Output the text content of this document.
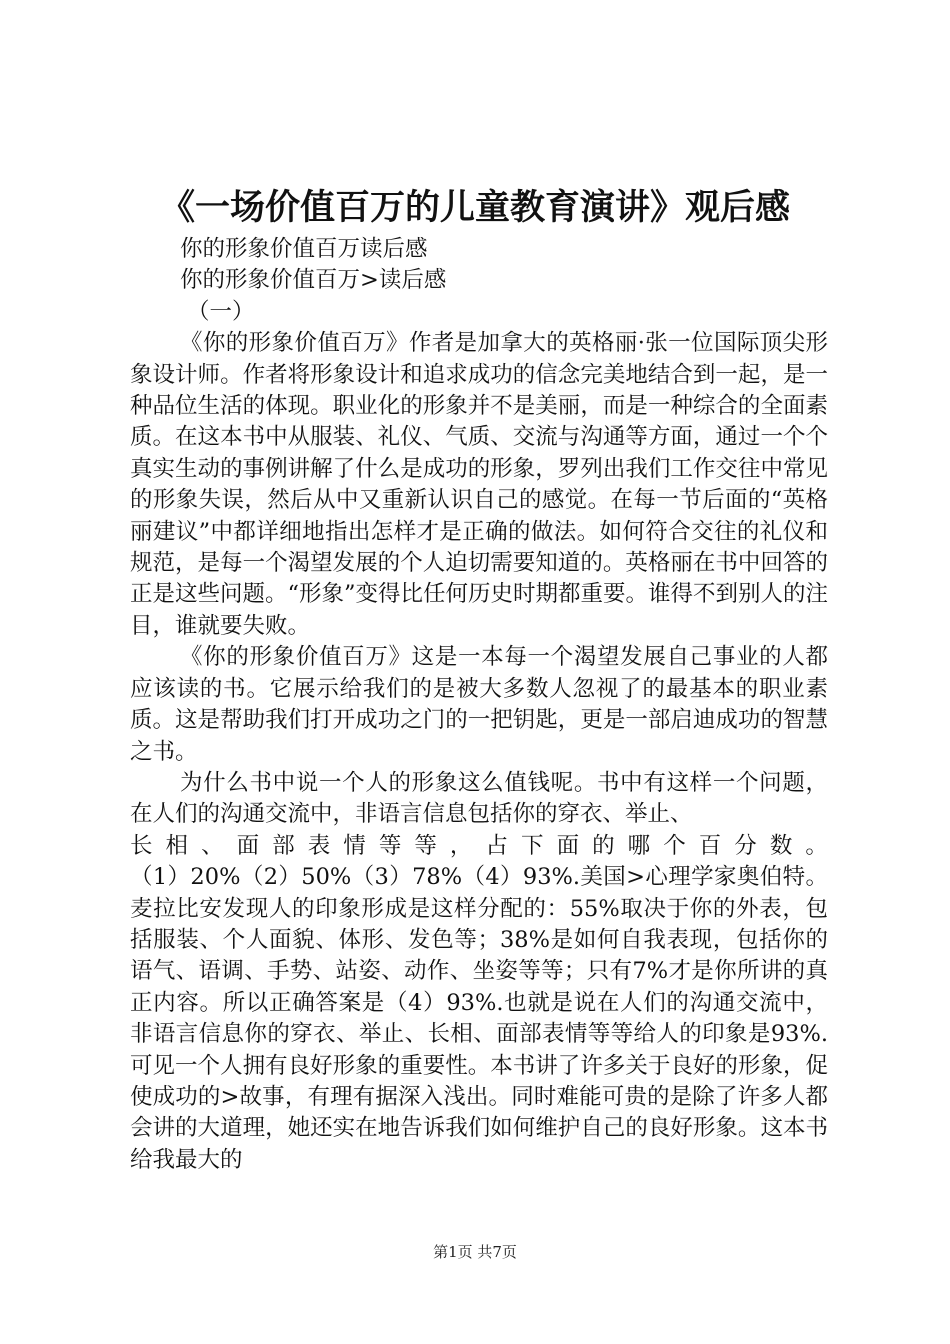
《一场价值百万的儿童教育演讲》观后感
你的形象价值百万读后感
你的形象价值百万>读后感
（一）

《你的形象价值百万》作者是加拿大的英格丽·张一位国际顶尖形象设计师。作者将形象设计和追求成功的信念完美地结合到一起，是一种品位生活的体现。职业化的形象并不是美丽，而是一种综合的全面素质。在这本书中从服装、礼仪、气质、交流与沟通等方面，通过一个个真实生动的事例讲解了什么是成功的形象，罗列出我们工作交往中常见的形象失误，然后从中又重新认识自己的感觉。在每一节后面的“英格丽建议”中都详细地指出怎样才是正确的做法。如何符合交往的礼仪和规范，是每一个渴望发展的个人迫切需要知道的。英格丽在书中回答的正是这些问题。“形象”变得比任何历史时期都重要。谁得不到别人的注目，谁就要失败。

《你的形象价值百万》这是一本每一个渴望发展自己事业的人都应该读的书。它展示给我们的是被大多数人忽视了的最基本的职业素质。这是帮助我们打开成功之门的一把钥匙，更是一部启迪成功的智慧之书。

为什么书中说一个人的形象这么值钱呢。书中有这样一个问题，在人们的沟通交流中，非语言信息包括你的穿衣、举止、

长 相 、 面 部 表 情 等 等 ， 占 下 面 的 哪 个 百 分 数 。

（1）20%（2）50%（3）78%（4）93%.美国>心理学家奥伯特。麦拉比安发现人的印象形成是这样分配的：55%取决于你的外表，包括服装、个人面貌、体形、发色等；38%是如何自我表现，包括你的语气、语调、手势、站姿、动作、坐姿等等；只有7%才是你所讲的真正内容。所以正确答案是（4）93%.也就是说在人们的沟通交流中，非语言信息你的穿衣、举止、长相、面部表情等等给人的印象是93%.可见一个人拥有良好形象的重要性。本书讲了许多关于良好的形象，促使成功的>故事，有理有据深入浅出。同时难能可贵的是除了许多人都会讲的大道理，她还实在地告诉我们如何维护自己的良好形象。这本书给我最大的

第1页 共7页
